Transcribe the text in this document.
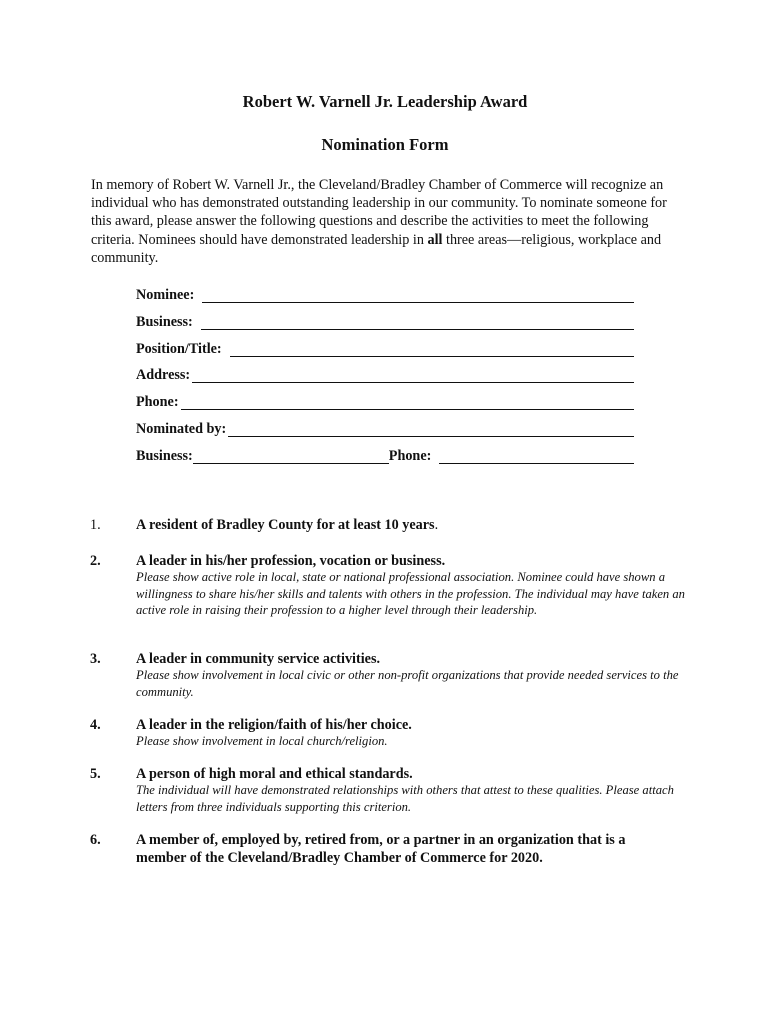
Robert W. Varnell Jr. Leadership Award
Nomination Form
In memory of Robert W. Varnell Jr., the Cleveland/Bradley Chamber of Commerce will recognize an individual who has demonstrated outstanding leadership in our community. To nominate someone for this award, please answer the following questions and describe the activities to meet the following criteria. Nominees should have demonstrated leadership in all three areas—religious, workplace and community.
Nominee:
Business:
Position/Title:
Address:
Phone:
Nominated by:
Business:	Phone:
1. A resident of Bradley County for at least 10 years.
2. A leader in his/her profession, vocation or business.
Please show active role in local, state or national professional association. Nominee could have shown a willingness to share his/her skills and talents with others in the profession. The individual may have taken an active role in raising their profession to a higher level through their leadership.
3. A leader in community service activities.
Please show involvement in local civic or other non-profit organizations that provide needed services to the community.
4. A leader in the religion/faith of his/her choice.
Please show involvement in local church/religion.
5. A person of high moral and ethical standards.
The individual will have demonstrated relationships with others that attest to these qualities. Please attach letters from three individuals supporting this criterion.
6. A member of, employed by, retired from, or a partner in an organization that is a member of the Cleveland/Bradley Chamber of Commerce for 2020.
